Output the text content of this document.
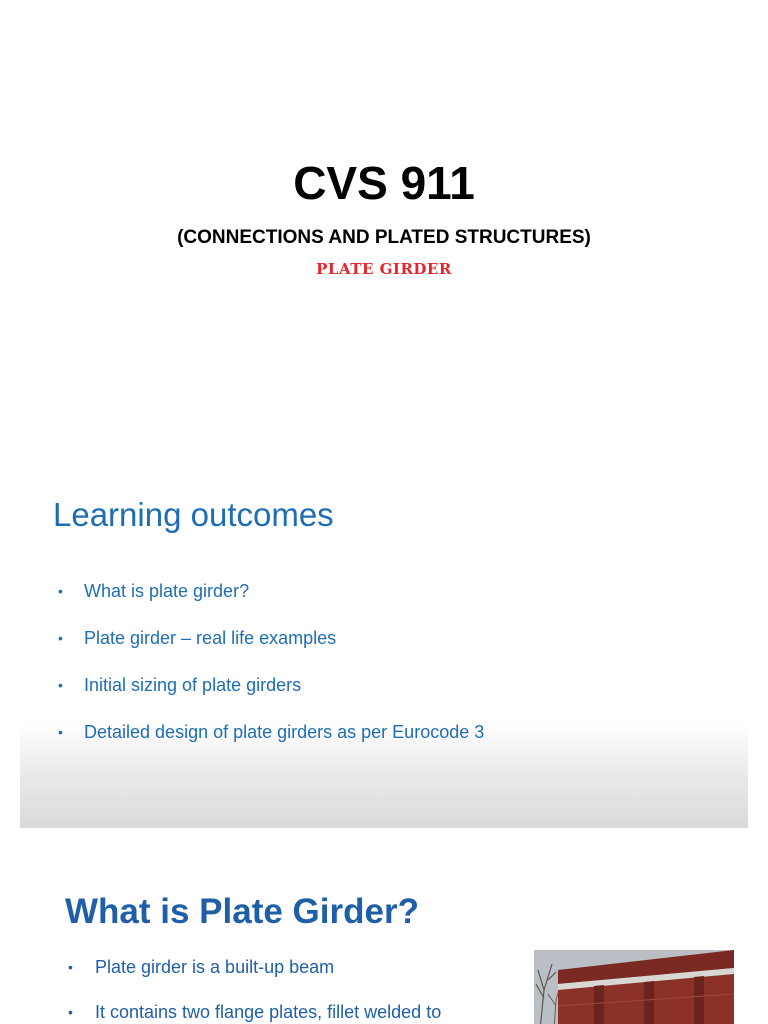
CVS 911
(CONNECTIONS AND PLATED STRUCTURES)
PLATE GIRDER
Learning outcomes
• What is plate girder?
• Plate girder – real life examples
• Initial sizing of plate girders
• Detailed design of plate girders as per Eurocode 3
What is Plate Girder?
• Plate girder is a built-up beam
• It contains two flange plates, fillet welded to
